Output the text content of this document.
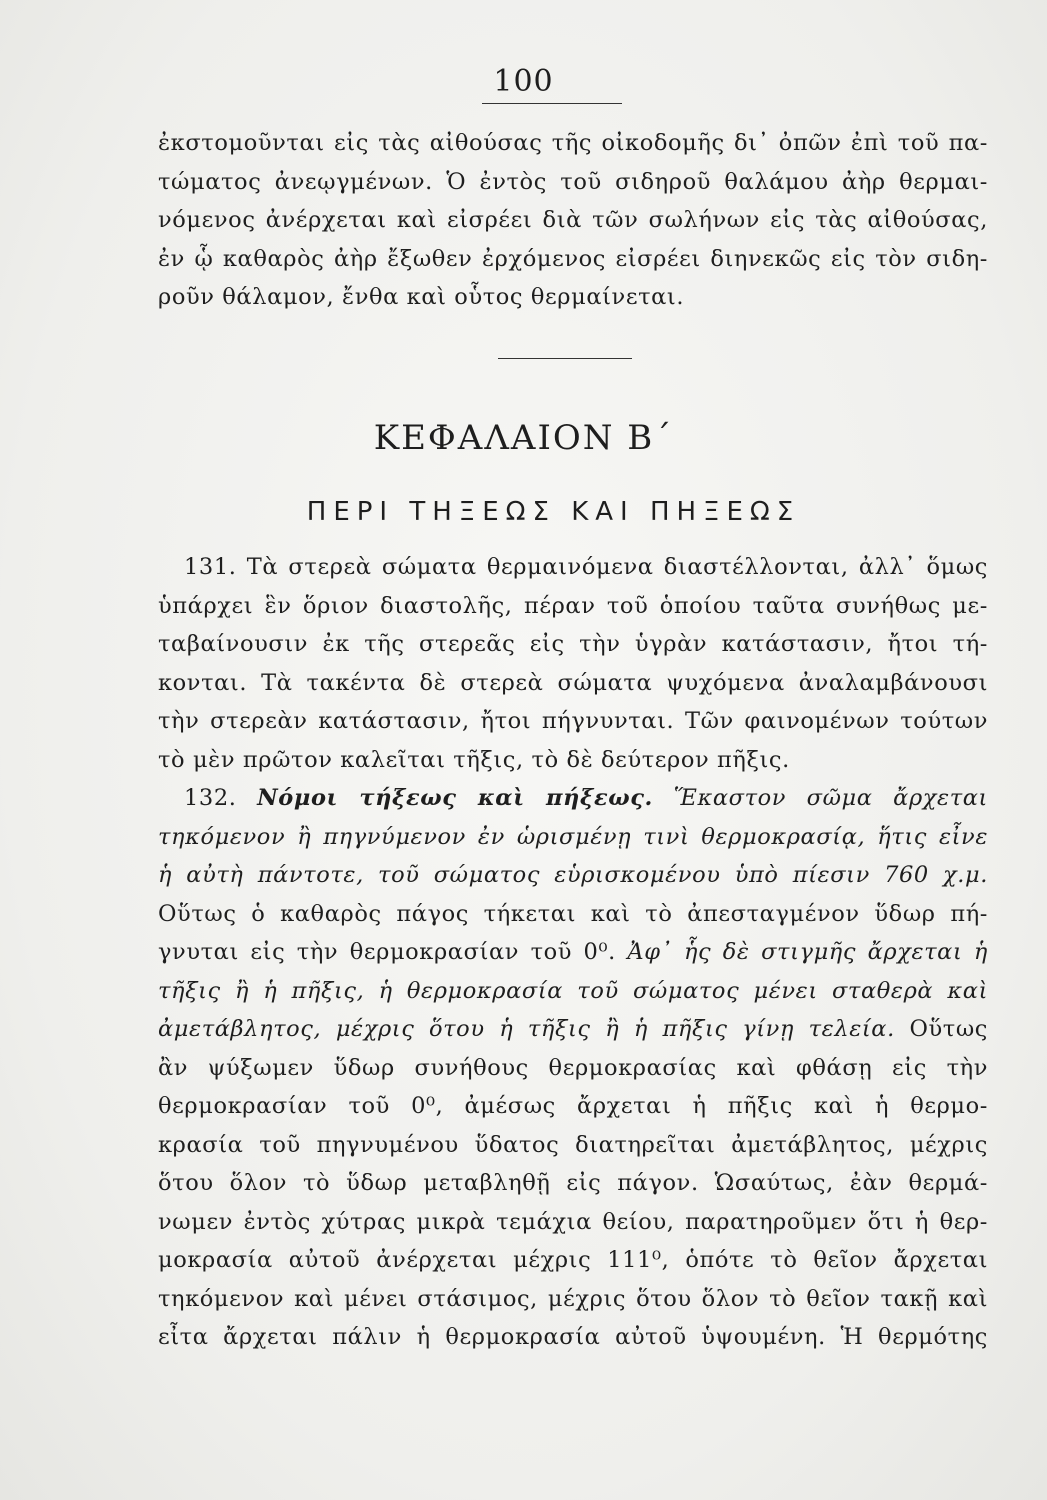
100
ἐκστομοῦνται εἰς τὰς αἰθούσας τῆς οἰκοδομῆς δι᾽ ὀπῶν ἐπὶ τοῦ πα-
τώματος ἀνεῳγμένων. Ὁ ἐντὸς τοῦ σιδηροῦ θαλάμου ἀὴρ θερμαι-
νόμενος ἀνέρχεται καὶ εἰσρέει διὰ τῶν σωλήνων εἰς τὰς αἰθούσας,
ἐν ᾧ καθαρὸς ἀὴρ ἔξωθεν ἐρχόμενος εἰσρέει διηνεκῶς εἰς τὸν σιδη-
ροῦν θάλαμον, ἔνθα καὶ οὗτος θερμαίνεται.
ΚΕΦΑΛΑΙΟΝ Β΄
ΠΕΡΙ ΤΗΞΕΩΣ ΚΑΙ ΠΗΞΕΩΣ
131. Τὰ στερεὰ σώματα θερμαινόμενα διαστέλλονται, ἀλλ᾽ ὅμως
ὑπάρχει ἓν ὅριον διαστολῆς, πέραν τοῦ ὁποίου ταῦτα συνήθως με-
ταβαίνουσιν ἐκ τῆς στερεᾶς εἰς τὴν ὑγρὰν κατάστασιν, ἤτοι τή-
κονται. Τὰ τακέντα δὲ στερεὰ σώματα ψυχόμενα ἀναλαμβάνουσι
τὴν στερεὰν κατάστασιν, ἤτοι πήγνυνται. Τῶν φαινομένων τούτων
τὸ μὲν πρῶτον καλεῖται τῆξις, τὸ δὲ δεύτερον πῆξις.
132. Νόμοι τήξεως καὶ πήξεως. Ἕκαστον σῶμα ἄρχεται
τηκόμενον ἢ πηγνύμενον ἐν ὡρισμένῃ τινὶ θερμοκρασίᾳ, ἥτις εἶνε
ἡ αὐτὴ πάντοτε, τοῦ σώματος εὑρισκομένου ὑπὸ πίεσιν 760 χ.μ.
Οὕτως ὁ καθαρὸς πάγος τήκεται καὶ τὸ ἀπεσταγμένον ὕδωρ πή-
γνυται εἰς τὴν θερμοκρασίαν τοῦ 0⁰. Ἀφ᾽ ἧς δὲ στιγμῆς ἄρχεται ἡ
τῆξις ἢ ἡ πῆξις, ἡ θερμοκρασία τοῦ σώματος μένει σταθερὰ καὶ
ἀμετάβλητος, μέχρις ὅτου ἡ τῆξις ἢ ἡ πῆξις γίνῃ τελεία. Οὕτως
ἂν ψύξωμεν ὕδωρ συνήθους θερμοκρασίας καὶ φθάσῃ εἰς τὴν
θερμοκρασίαν τοῦ 0⁰, ἀμέσως ἄρχεται ἡ πῆξις καὶ ἡ θερμο-
κρασία τοῦ πηγνυμένου ὕδατος διατηρεῖται ἀμετάβλητος, μέχρις
ὅτου ὅλον τὸ ὕδωρ μεταβληθῇ εἰς πάγον. Ὡσαύτως, ἐὰν θερμά-
νωμεν ἐντὸς χύτρας μικρὰ τεμάχια θείου, παρατηροῦμεν ὅτι ἡ θερ-
μοκρασία αὐτοῦ ἀνέρχεται μέχρις 111⁰, ὁπότε τὸ θεῖον ἄρχεται
τηκόμενον καὶ μένει στάσιμος, μέχρις ὅτου ὅλον τὸ θεῖον τακῇ καὶ
εἶτα ἄρχεται πάλιν ἡ θερμοκρασία αὐτοῦ ὑψουμένη. Ἡ θερμότης
